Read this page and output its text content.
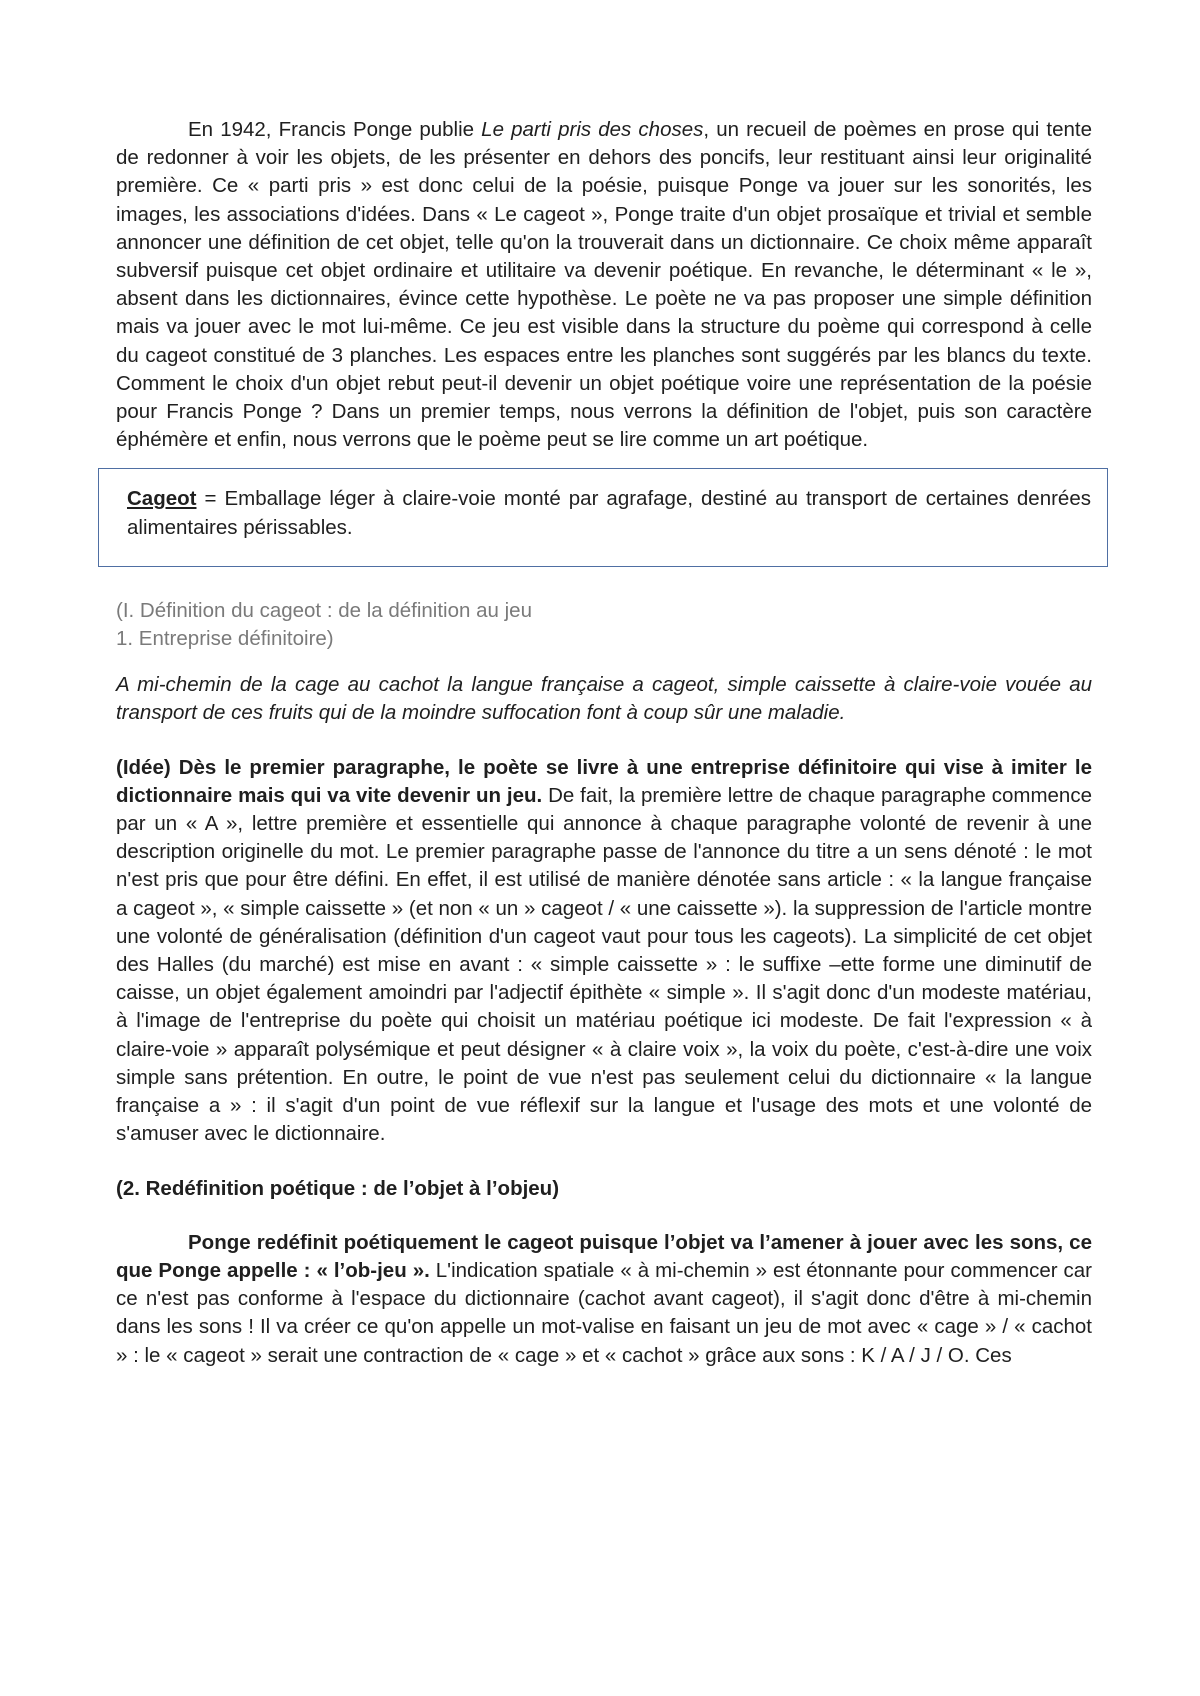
En 1942, Francis Ponge publie Le parti pris des choses, un recueil de poèmes en prose qui tente de redonner à voir les objets, de les présenter en dehors des poncifs, leur restituant ainsi leur originalité première. Ce « parti pris » est donc celui de la poésie, puisque Ponge va jouer sur les sonorités, les images, les associations d'idées. Dans « Le cageot », Ponge traite d'un objet prosaïque et trivial et semble annoncer une définition de cet objet, telle qu'on la trouverait dans un dictionnaire. Ce choix même apparaît subversif puisque cet objet ordinaire et utilitaire va devenir poétique. En revanche, le déterminant « le », absent dans les dictionnaires, évince cette hypothèse. Le poète ne va pas proposer une simple définition mais va jouer avec le mot lui-même. Ce jeu est visible dans la structure du poème qui correspond à celle du cageot constitué de 3 planches. Les espaces entre les planches sont suggérés par les blancs du texte. Comment le choix d'un objet rebut peut-il devenir un objet poétique voire une représentation de la poésie pour Francis Ponge ? Dans un premier temps, nous verrons la définition de l'objet, puis son caractère éphémère et enfin, nous verrons que le poème peut se lire comme un art poétique.

Cageot = Emballage léger à claire-voie monté par agrafage, destiné au transport de certaines denrées alimentaires périssables.

(I. Définition du cageot : de la définition au jeu
1. Entreprise définitoire)

A mi-chemin de la cage au cachot la langue française a cageot, simple caissette à claire-voie vouée au transport de ces fruits qui de la moindre suffocation font à coup sûr une maladie.

(Idée) Dès le premier paragraphe, le poète se livre à une entreprise définitoire qui vise à imiter le dictionnaire mais qui va vite devenir un jeu. De fait, la première lettre de chaque paragraphe commence par un « A », lettre première et essentielle qui annonce à chaque paragraphe volonté de revenir à une description originelle du mot. Le premier paragraphe passe de l'annonce du titre a un sens dénoté : le mot n'est pris que pour être défini. En effet, il est utilisé de manière dénotée sans article : « la langue française a cageot », « simple caissette » (et non « un » cageot / « une caissette »). la suppression de l'article montre une volonté de généralisation (définition d'un cageot vaut pour tous les cageots). La simplicité de cet objet des Halles (du marché) est mise en avant : « simple caissette » : le suffixe –ette forme une diminutif de caisse, un objet également amoindri par l'adjectif épithète « simple ». Il s'agit donc d'un modeste matériau, à l'image de l'entreprise du poète qui choisit un matériau poétique ici modeste. De fait l'expression « à claire-voie » apparaît polysémique et peut désigner « à claire voix », la voix du poète, c'est-à-dire une voix simple sans prétention. En outre, le point de vue n'est pas seulement celui du dictionnaire « la langue française a » : il s'agit d'un point de vue réflexif sur la langue et l'usage des mots et une volonté de s'amuser avec le dictionnaire.

(2. Redéfinition poétique : de l’objet à l’objeu)

Ponge redéfinit poétiquement le cageot puisque l’objet va l’amener à jouer avec les sons, ce que Ponge appelle : « l’ob-jeu ». L'indication spatiale « à mi-chemin » est étonnante pour commencer car ce n'est pas conforme à l'espace du dictionnaire (cachot avant cageot), il s'agit donc d'être à mi-chemin dans les sons ! Il va créer ce qu'on appelle un mot-valise en faisant un jeu de mot avec « cage » / « cachot » : le « cageot » serait une contraction de « cage » et « cachot » grâce aux sons : K / A / J / O. Ces
